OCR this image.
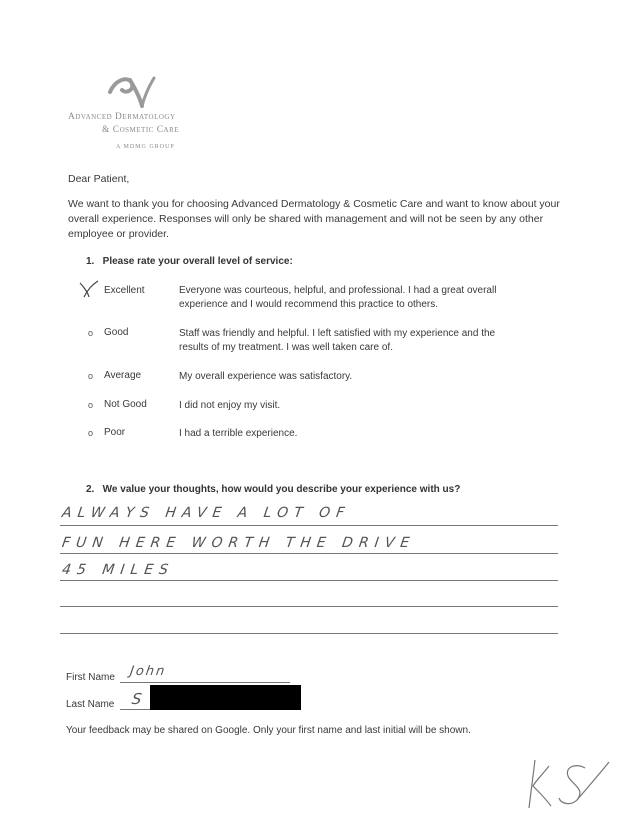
Advanced Dermatology
& Cosmetic Care
A MDMG GROUP
Dear Patient,
We want to thank you for choosing Advanced Dermatology & Cosmetic Care and want to know about your overall experience. Responses will only be shared with management and will not be seen by any other employee or provider.
1.   Please rate your overall level of service:
Excellent	Everyone was courteous, helpful, and professional. I had a great overall experience and I would recommend this practice to others.
o Good	Staff was friendly and helpful. I left satisfied with my experience and the results of my treatment. I was well taken care of.
o Average	My overall experience was satisfactory.
o Not Good	I did not enjoy my visit.
o Poor	I had a terrible experience.
2.   We value your thoughts, how would you describe your experience with us?
ALWAYS HAVE A LOT OF
FUN HERE WORTH THE DRIVE
45 MILES
First Name John
Last Name S
Your feedback may be shared on Google. Only your first name and last initial will be shown.
